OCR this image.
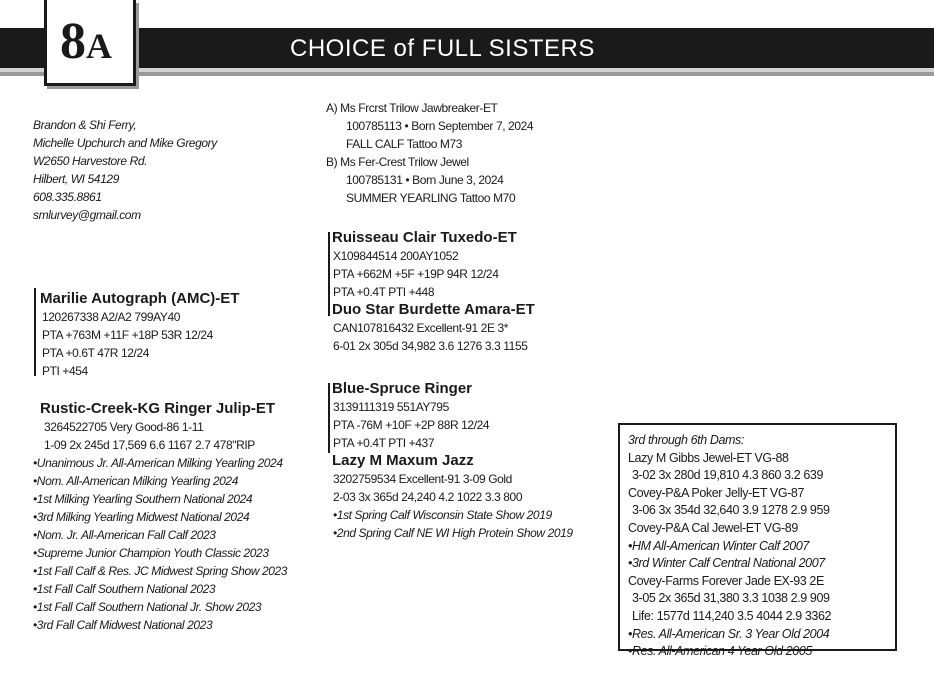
CHOICE of FULL SISTERS
8A
Brandon & Shi Ferry,
Michelle Upchurch and Mike Gregory
W2650 Harvestore Rd.
Hilbert, WI 54129
608.335.8861
smlurvey@gmail.com
A) Ms Frcrst Trilow Jawbreaker-ET
100785113 • Born September 7, 2024
FALL CALF Tattoo M73
B) Ms Fer-Crest Trilow Jewel
100785131 • Born June 3, 2024
SUMMER YEARLING Tattoo M70
Marilie Autograph (AMC)-ET
120267338 A2/A2 799AY40
PTA +763M +11F +18P 53R 12/24
PTA +0.6T 47R 12/24
PTI +454
Rustic-Creek-KG Ringer Julip-ET
3264522705 Very Good-86 1-11
1-09 2x 245d 17,569 6.6 1167 2.7 478"RIP
•Unanimous Jr. All-American Milking Yearling 2024
•Nom. All-American Milking Yearling 2024
•1st Milking Yearling Southern National 2024
•3rd Milking Yearling Midwest National 2024
•Nom. Jr. All-American Fall Calf 2023
•Supreme Junior Champion Youth Classic 2023
•1st Fall Calf & Res. JC Midwest Spring Show 2023
•1st Fall Calf Southern National 2023
•1st Fall Calf Southern National Jr. Show 2023
•3rd Fall Calf Midwest National 2023
Ruisseau Clair Tuxedo-ET
X109844514 200AY1052
PTA +662M +5F +19P 94R 12/24
PTA +0.4T PTI +448
Duo Star Burdette Amara-ET
CAN107816432 Excellent-91 2E 3*
6-01 2x 305d 34,982 3.6 1276 3.3 1155
Blue-Spruce Ringer
3139111319 551AY795
PTA -76M +10F +2P 88R 12/24
PTA +0.4T PTI +437
Lazy M Maxum Jazz
3202759534 Excellent-91 3-09 Gold
2-03 3x 365d 24,240 4.2 1022 3.3 800
•1st Spring Calf Wisconsin State Show 2019
•2nd Spring Calf NE WI High Protein Show 2019
3rd through 6th Dams:
Lazy M Gibbs Jewel-ET VG-88
3-02 3x 280d 19,810 4.3 860 3.2 639
Covey-P&A Poker Jelly-ET VG-87
3-06 3x 354d 32,640 3.9 1278 2.9 959
Covey-P&A Cal Jewel-ET VG-89
•HM All-American Winter Calf 2007
•3rd Winter Calf Central National 2007
Covey-Farms Forever Jade EX-93 2E
3-05 2x 365d 31,380 3.3 1038 2.9 909
Life: 1577d 114,240 3.5 4044 2.9 3362
•Res. All-American Sr. 3 Year Old 2004
•Res. All-American 4 Year Old 2005
